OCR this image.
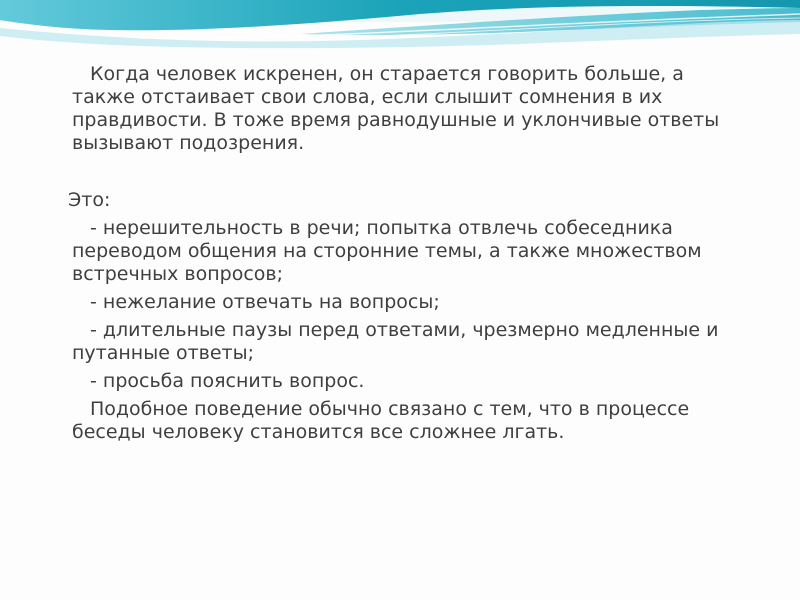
Когда человек искренен, он старается говорить больше, а также отстаивает свои слова, если слышит сомнения в их правдивости. В тоже время равнодушные и уклончивые ответы вызывают подозрения.

Это:

- нерешительность в речи; попытка отвлечь собеседника переводом общения на сторонние темы, а также множеством встречных вопросов;

- нежелание отвечать на вопросы;

- длительные паузы перед ответами, чрезмерно медленные и путанные ответы;

- просьба пояснить вопрос.

Подобное поведение обычно связано с тем, что в процессе беседы человеку становится все сложнее лгать.
